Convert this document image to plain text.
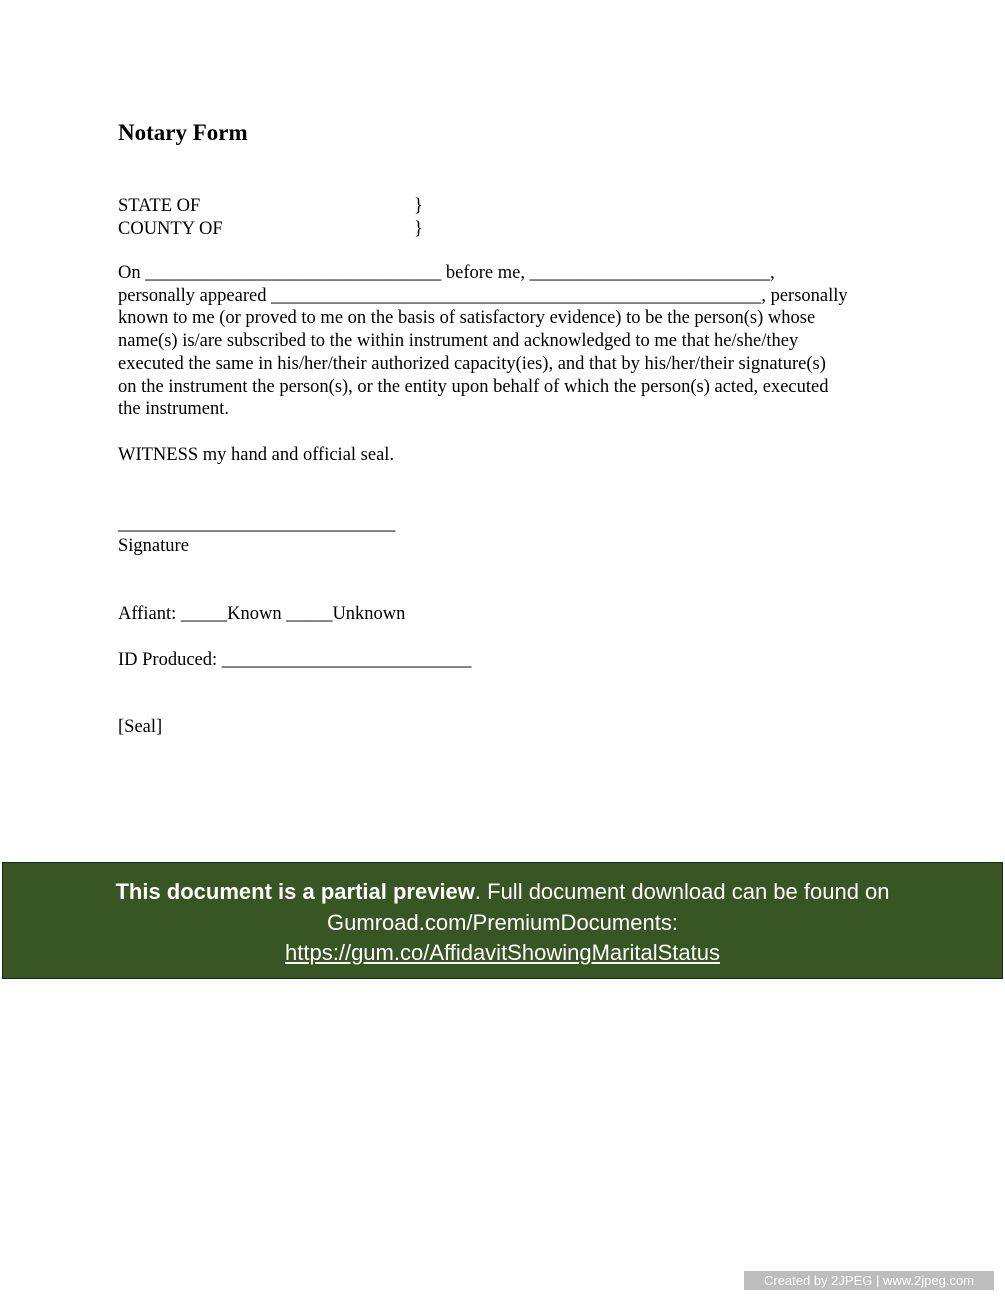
Notary Form
STATE OF	}
COUNTY OF	}
On ________________________________ before me, __________________________,
personally appeared _____________________________________________________, personally
known to me (or proved to me on the basis of satisfactory evidence) to be the person(s) whose
name(s) is/are subscribed to the within instrument and acknowledged to me that he/she/they
executed the same in his/her/their authorized capacity(ies), and that by his/her/their signature(s)
on the instrument the person(s), or the entity upon behalf of which the person(s) acted, executed
the instrument.
WITNESS my hand and official seal.
______________________________
Signature
Affiant: _____Known _____Unknown
ID Produced: ___________________________
[Seal]
This document is a partial preview. Full document download can be found on
Gumroad.com/PremiumDocuments:
https://gum.co/AffidavitShowingMaritalStatus
Created by 2JPEG | www.2jpeg.com
